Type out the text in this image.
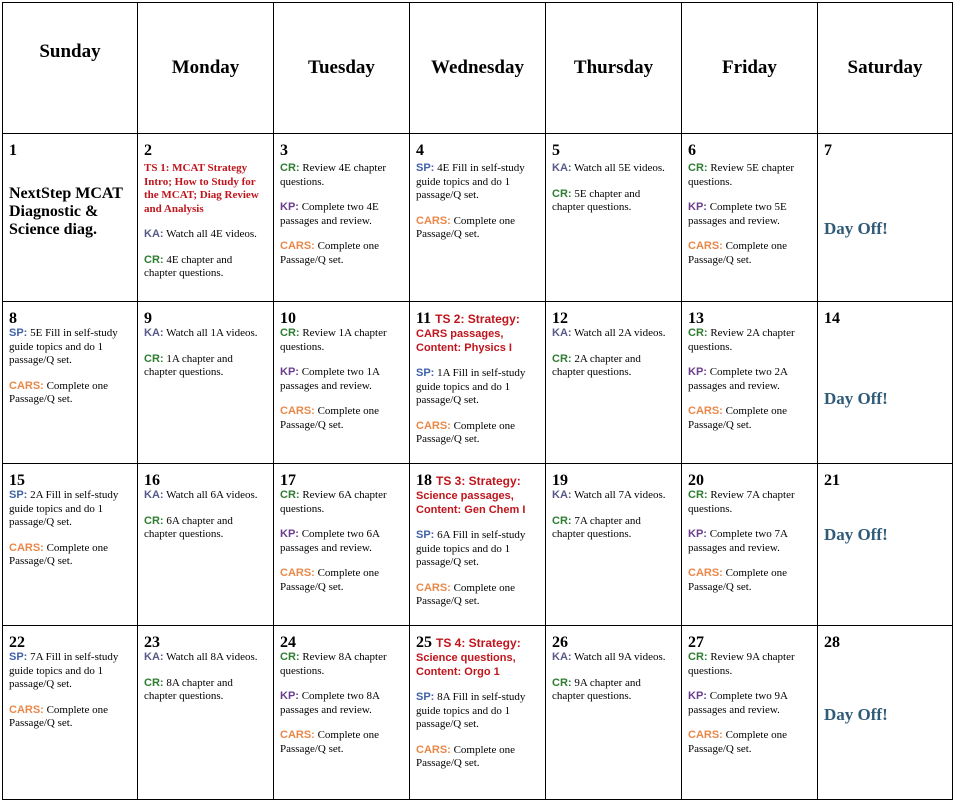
Sunday	Monday	Tuesday	Wednesday	Thursday	Friday	Saturday

1
NextStep MCAT Diagnostic & Science diag.	2
TS 1: MCAT Strategy Intro; How to Study for the MCAT; Diag Review and Analysis
KA: Watch all 4E videos.
CR: 4E chapter and chapter questions.	3
CR: Review 4E chapter questions.
KP: Complete two 4E passages and review.
CARS: Complete one Passage/Q set.	4
SP: 4E Fill in self-study guide topics and do 1 passage/Q set.
CARS: Complete one Passage/Q set.	5
KA: Watch all 5E videos.
CR: 5E chapter and chapter questions.	6
CR: Review 5E chapter questions.
KP: Complete two 5E passages and review.
CARS: Complete one Passage/Q set.	7
Day Off!

8
SP: 5E Fill in self-study guide topics and do 1 passage/Q set.
CARS: Complete one Passage/Q set.	9
KA: Watch all 1A videos.
CR: 1A chapter and chapter questions.	10
CR: Review 1A chapter questions.
KP: Complete two 1A passages and review.
CARS: Complete one Passage/Q set.	11 TS 2: Strategy:
CARS passages, Content: Physics I
SP: 1A Fill in self-study guide topics and do 1 passage/Q set.
CARS: Complete one Passage/Q set.	12
KA: Watch all 2A videos.
CR: 2A chapter and chapter questions.	13
CR: Review 2A chapter questions.
KP: Complete two 2A passages and review.
CARS: Complete one Passage/Q set.	14
Day Off!

15
SP: 2A Fill in self-study guide topics and do 1 passage/Q set.
CARS: Complete one Passage/Q set.	16
KA: Watch all 6A videos.
CR: 6A chapter and chapter questions.	17
CR: Review 6A chapter questions.
KP: Complete two 6A passages and review.
CARS: Complete one Passage/Q set.	18 TS 3: Strategy:
Science passages, Content: Gen Chem I
SP: 6A Fill in self-study guide topics and do 1 passage/Q set.
CARS: Complete one Passage/Q set.	19
KA: Watch all 7A videos.
CR: 7A chapter and chapter questions.	20
CR: Review 7A chapter questions.
KP: Complete two 7A passages and review.
CARS: Complete one Passage/Q set.	21
Day Off!

22
SP: 7A Fill in self-study guide topics and do 1 passage/Q set.
CARS: Complete one Passage/Q set.	23
KA: Watch all 8A videos.
CR: 8A chapter and chapter questions.	24
CR: Review 8A chapter questions.
KP: Complete two 8A passages and review.
CARS: Complete one Passage/Q set.	25 TS 4: Strategy:
Science questions, Content: Orgo 1
SP: 8A Fill in self-study guide topics and do 1 passage/Q set.
CARS: Complete one Passage/Q set.	26
KA: Watch all 9A videos.
CR: 9A chapter and chapter questions.	27
CR: Review 9A chapter questions.
KP: Complete two 9A passages and review.
CARS: Complete one Passage/Q set.	28
Day Off!
